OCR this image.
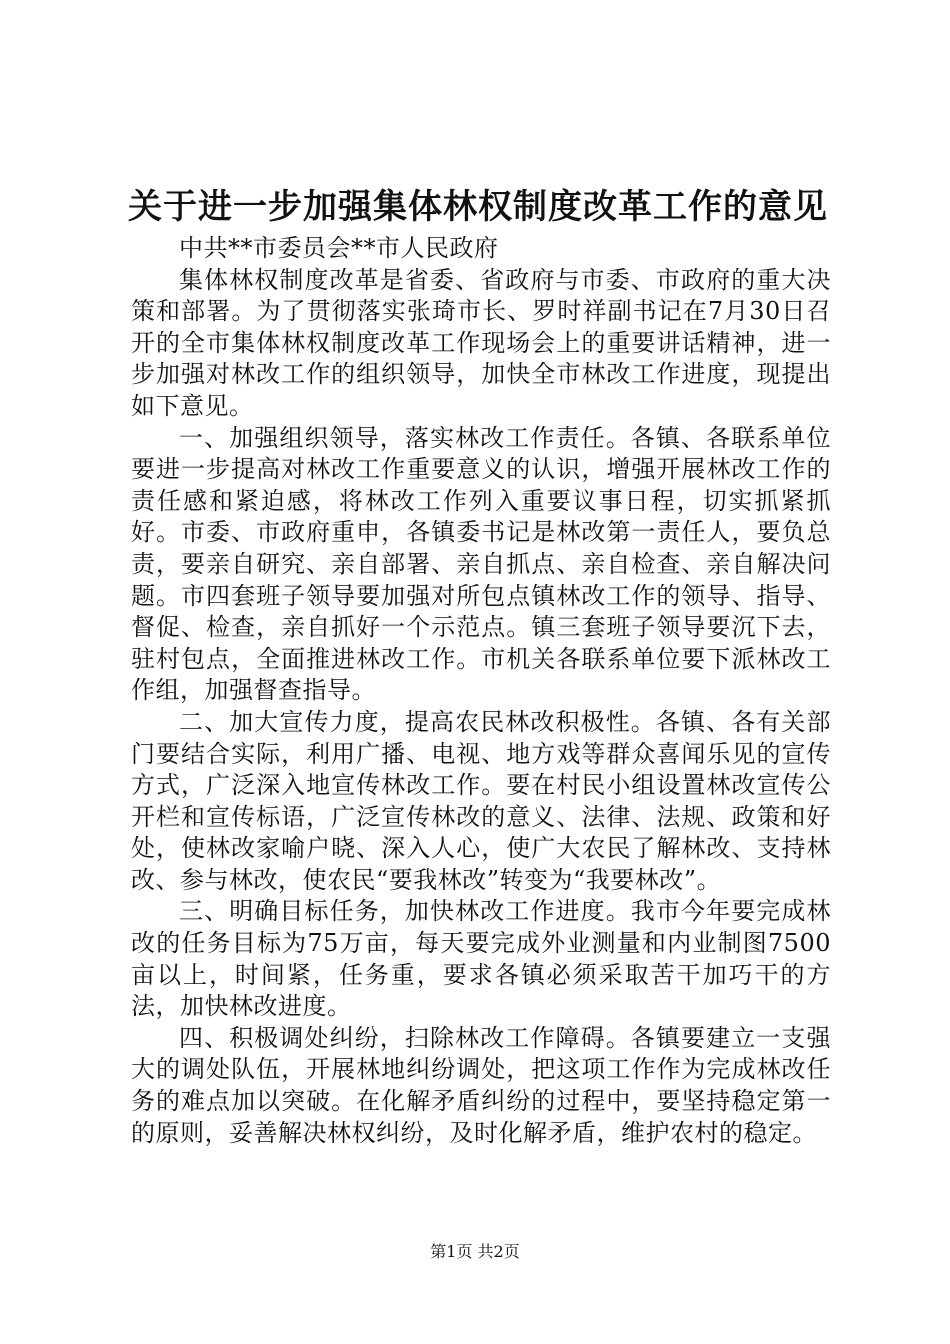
关于进一步加强集体林权制度改革工作的意见

中共**市委员会**市人民政府

集体林权制度改革是省委、省政府与市委、市政府的重大决策和部署。为了贯彻落实张琦市长、罗时祥副书记在7月30日召开的全市集体林权制度改革工作现场会上的重要讲话精神，进一步加强对林改工作的组织领导，加快全市林改工作进度，现提出如下意见。

一、加强组织领导，落实林改工作责任。各镇、各联系单位要进一步提高对林改工作重要意义的认识，增强开展林改工作的责任感和紧迫感，将林改工作列入重要议事日程，切实抓紧抓好。市委、市政府重申，各镇委书记是林改第一责任人，要负总责，要亲自研究、亲自部署、亲自抓点、亲自检查、亲自解决问题。市四套班子领导要加强对所包点镇林改工作的领导、指导、督促、检查，亲自抓好一个示范点。镇三套班子领导要沉下去，驻村包点，全面推进林改工作。市机关各联系单位要下派林改工作组，加强督查指导。

二、加大宣传力度，提高农民林改积极性。各镇、各有关部门要结合实际，利用广播、电视、地方戏等群众喜闻乐见的宣传方式，广泛深入地宣传林改工作。要在村民小组设置林改宣传公开栏和宣传标语，广泛宣传林改的意义、法律、法规、政策和好处，使林改家喻户晓、深入人心，使广大农民了解林改、支持林改、参与林改，使农民“要我林改”转变为“我要林改”。

三、明确目标任务，加快林改工作进度。我市今年要完成林改的任务目标为75万亩，每天要完成外业测量和内业制图7500亩以上，时间紧，任务重，要求各镇必须采取苦干加巧干的方法，加快林改进度。

四、积极调处纠纷，扫除林改工作障碍。各镇要建立一支强大的调处队伍，开展林地纠纷调处，把这项工作作为完成林改任务的难点加以突破。在化解矛盾纠纷的过程中，要坚持稳定第一的原则，妥善解决林权纠纷，及时化解矛盾，维护农村的稳定。

第1页 共2页
